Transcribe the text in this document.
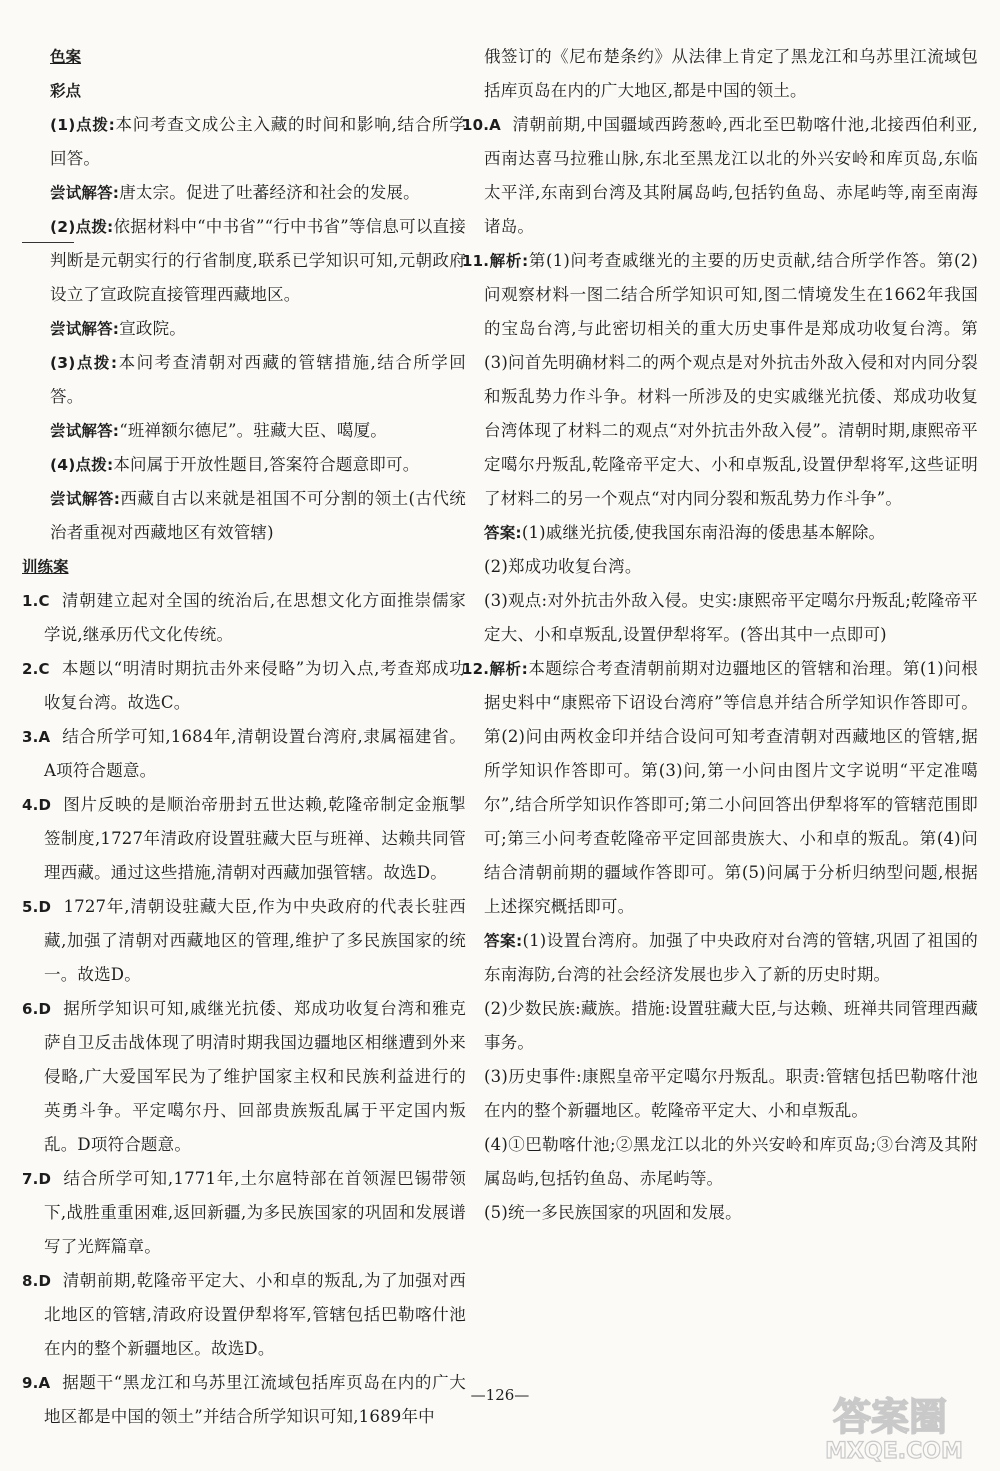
色案

彩点

(1)点拨:本问考查文成公主入藏的时间和影响,结合所学回答。

尝试解答:唐太宗。促进了吐蕃经济和社会的发展。

(2)点拨:依据材料中“中书省”“行中书省”等信息可以直接判断是元朝实行的行省制度,联系已学知识可知,元朝政府设立了宣政院直接管理西藏地区。

尝试解答:宣政院。

(3)点拨:本问考查清朝对西藏的管辖措施,结合所学回答。

尝试解答:“班禅额尔德尼”。驻藏大臣、噶厦。

(4)点拨:本问属于开放性题目,答案符合题意即可。

尝试解答:西藏自古以来就是祖国不可分割的领土(古代统治者重视对西藏地区有效管辖)

训练案

1.C 清朝建立起对全国的统治后,在思想文化方面推崇儒家学说,继承历代文化传统。

2.C 本题以“明清时期抗击外来侵略”为切入点,考查郑成功收复台湾。故选C。

3.A 结合所学可知,1684年,清朝设置台湾府,隶属福建省。A项符合题意。

4.D 图片反映的是顺治帝册封五世达赖,乾隆帝制定金瓶掣签制度,1727年清政府设置驻藏大臣与班禅、达赖共同管理西藏。通过这些措施,清朝对西藏加强管辖。故选D。

5.D 1727年,清朝设驻藏大臣,作为中央政府的代表长驻西藏,加强了清朝对西藏地区的管理,维护了多民族国家的统一。故选D。

6.D 据所学知识可知,戚继光抗倭、郑成功收复台湾和雅克萨自卫反击战体现了明清时期我国边疆地区相继遭到外来侵略,广大爱国军民为了维护国家主权和民族利益进行的英勇斗争。平定噶尔丹、回部贵族叛乱属于平定国内叛乱。D项符合题意。

7.D 结合所学可知,1771年,土尔扈特部在首领渥巴锡带领下,战胜重重困难,返回新疆,为多民族国家的巩固和发展谱写了光辉篇章。

8.D 清朝前期,乾隆帝平定大、小和卓的叛乱,为了加强对西北地区的管辖,清政府设置伊犁将军,管辖包括巴勒喀什池在内的整个新疆地区。故选D。

9.A 据题干“黑龙江和乌苏里江流域包括库页岛在内的广大地区都是中国的领土”并结合所学知识可知,1689年中

俄签订的《尼布楚条约》从法律上肯定了黑龙江和乌苏里江流域包括库页岛在内的广大地区,都是中国的领土。

10.A 清朝前期,中国疆域西跨葱岭,西北至巴勒喀什池,北接西伯利亚,西南达喜马拉雅山脉,东北至黑龙江以北的外兴安岭和库页岛,东临太平洋,东南到台湾及其附属岛屿,包括钓鱼岛、赤尾屿等,南至南海诸岛。

11.解析:第(1)问考查戚继光的主要的历史贡献,结合所学作答。第(2)问观察材料一图二结合所学知识可知,图二情境发生在1662年我国的宝岛台湾,与此密切相关的重大历史事件是郑成功收复台湾。第(3)问首先明确材料二的两个观点是对外抗击外敌入侵和对内同分裂和叛乱势力作斗争。材料一所涉及的史实戚继光抗倭、郑成功收复台湾体现了材料二的观点“对外抗击外敌入侵”。清朝时期,康熙帝平定噶尔丹叛乱,乾隆帝平定大、小和卓叛乱,设置伊犁将军,这些证明了材料二的另一个观点“对内同分裂和叛乱势力作斗争”。

答案:(1)戚继光抗倭,使我国东南沿海的倭患基本解除。

(2)郑成功收复台湾。

(3)观点:对外抗击外敌入侵。史实:康熙帝平定噶尔丹叛乱;乾隆帝平定大、小和卓叛乱,设置伊犁将军。(答出其中一点即可)

12.解析:本题综合考查清朝前期对边疆地区的管辖和治理。第(1)问根据史料中“康熙帝下诏设台湾府”等信息并结合所学知识作答即可。第(2)问由两枚金印并结合设问可知考查清朝对西藏地区的管辖,据所学知识作答即可。第(3)问,第一小问由图片文字说明“平定准噶尔”,结合所学知识作答即可;第二小问回答出伊犁将军的管辖范围即可;第三小问考查乾隆帝平定回部贵族大、小和卓的叛乱。第(4)问结合清朝前期的疆域作答即可。第(5)问属于分析归纳型问题,根据上述探究概括即可。

答案:(1)设置台湾府。加强了中央政府对台湾的管辖,巩固了祖国的东南海防,台湾的社会经济发展也步入了新的历史时期。

(2)少数民族:藏族。措施:设置驻藏大臣,与达赖、班禅共同管理西藏事务。

(3)历史事件:康熙皇帝平定噶尔丹叛乱。职责:管辖包括巴勒喀什池在内的整个新疆地区。乾隆帝平定大、小和卓叛乱。

(4)①巴勒喀什池;②黑龙江以北的外兴安岭和库页岛;③台湾及其附属岛屿,包括钓鱼岛、赤尾屿等。

(5)统一多民族国家的巩固和发展。

—126—	答案圈
MXQE.COM
